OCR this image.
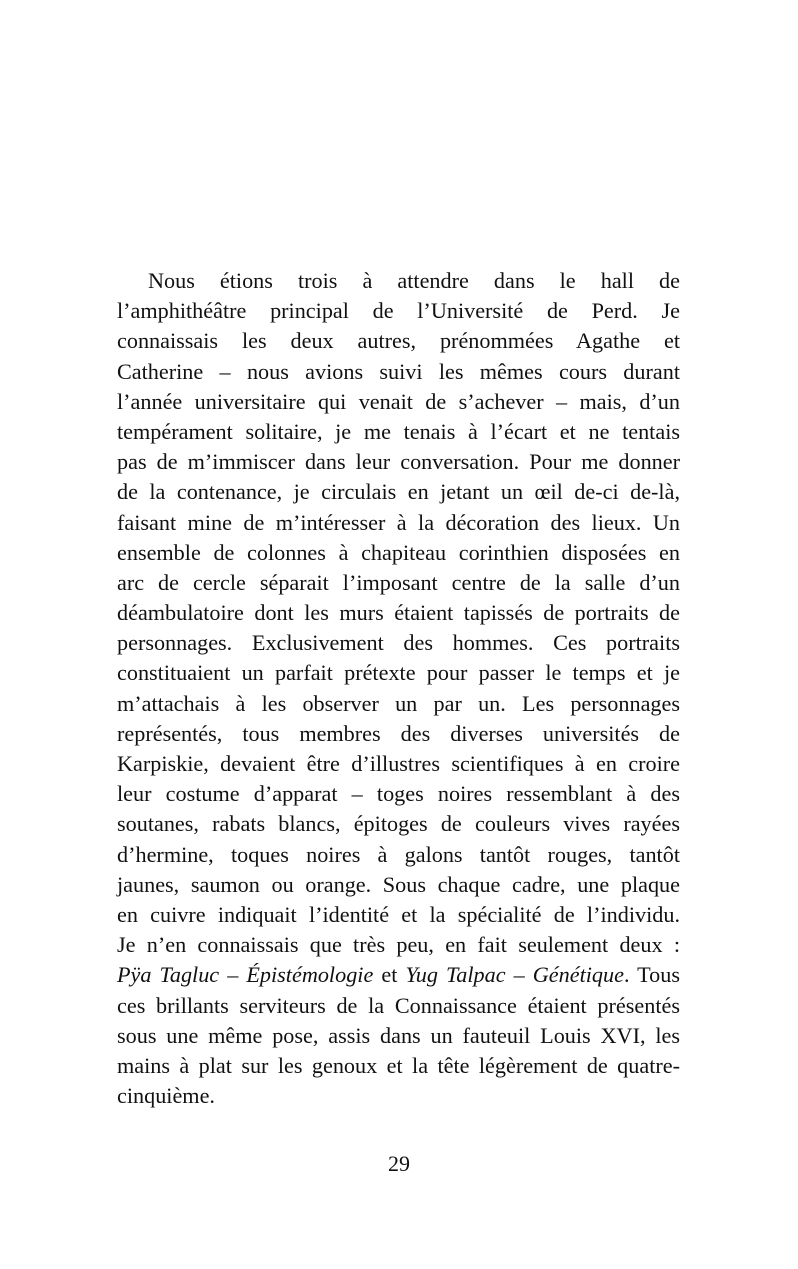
Nous étions trois à attendre dans le hall de
l’amphithéâtre principal de l’Université de Perd. Je
connaissais les deux autres, prénommées Agathe et
Catherine – nous avions suivi les mêmes cours durant
l’année universitaire qui venait de s’achever – mais, d’un
tempérament solitaire, je me tenais à l’écart et ne tentais
pas de m’immiscer dans leur conversation. Pour me donner
de la contenance, je circulais en jetant un œil de-ci de-là,
faisant mine de m’intéresser à la décoration des lieux. Un
ensemble de colonnes à chapiteau corinthien disposées en
arc de cercle séparait l’imposant centre de la salle d’un
déambulatoire dont les murs étaient tapissés de portraits de
personnages. Exclusivement des hommes. Ces portraits
constituaient un parfait prétexte pour passer le temps et je
m’attachais à les observer un par un. Les personnages
représentés, tous membres des diverses universités de
Karpiskie, devaient être d’illustres scientifiques à en croire
leur costume d’apparat – toges noires ressemblant à des
soutanes, rabats blancs, épitoges de couleurs vives rayées
d’hermine, toques noires à galons tantôt rouges, tantôt
jaunes, saumon ou orange. Sous chaque cadre, une plaque
en cuivre indiquait l’identité et la spécialité de l’individu.
Je n’en connaissais que très peu, en fait seulement deux :
Pÿa Tagluc – Épistémologie et Yug Talpac – Génétique. Tous
ces brillants serviteurs de la Connaissance étaient présentés
sous une même pose, assis dans un fauteuil Louis XVI, les
mains à plat sur les genoux et la tête légèrement de quatre-
cinquième.
29
